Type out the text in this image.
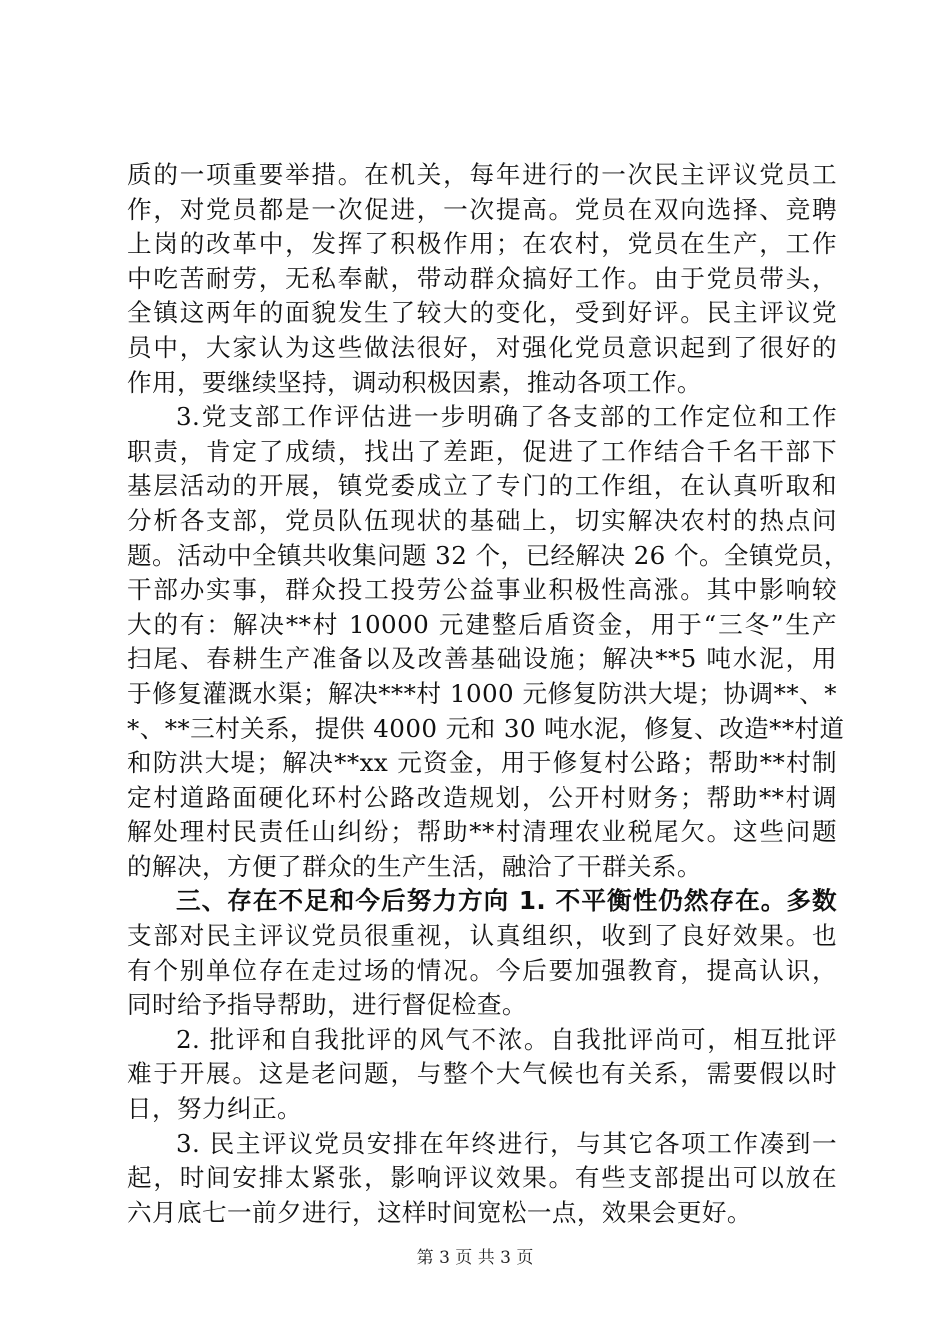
质的一项重要举措。在机关，每年进行的一次民主评议党员工
作，对党员都是一次促进，一次提高。党员在双向选择、竞聘
上岗的改革中，发挥了积极作用；在农村，党员在生产，工作
中吃苦耐劳，无私奉献，带动群众搞好工作。由于党员带头，
全镇这两年的面貌发生了较大的变化，受到好评。民主评议党
员中，大家认为这些做法很好，对强化党员意识起到了很好的
作用，要继续坚持，调动积极因素，推动各项工作。
3.党支部工作评估进一步明确了各支部的工作定位和工作
职责，肯定了成绩，找出了差距，促进了工作结合千名干部下
基层活动的开展，镇党委成立了专门的工作组，在认真听取和
分析各支部，党员队伍现状的基础上，切实解决农村的热点问
题。活动中全镇共收集问题 32 个，已经解决 26 个。全镇党员，
干部办实事，群众投工投劳公益事业积极性高涨。其中影响较
大的有：解决**村 10000 元建整后盾资金，用于“三冬”生产
扫尾、春耕生产准备以及改善基础设施；解决**5 吨水泥，用
于修复灌溉水渠；解决***村 1000 元修复防洪大堤；协调**、*
*、**三村关系，提供 4000 元和 30 吨水泥，修复、改造**村道
和防洪大堤；解决**xx 元资金，用于修复村公路；帮助**村制
定村道路面硬化环村公路改造规划，公开村财务；帮助**村调
解处理村民责任山纠纷；帮助**村清理农业税尾欠。这些问题
的解决，方便了群众的生产生活，融洽了干群关系。
三、存在不足和今后努力方向 1. 不平衡性仍然存在。多数
支部对民主评议党员很重视，认真组织，收到了良好效果。也
有个别单位存在走过场的情况。今后要加强教育，提高认识，
同时给予指导帮助，进行督促检查。
2. 批评和自我批评的风气不浓。自我批评尚可，相互批评
难于开展。这是老问题，与整个大气候也有关系，需要假以时
日，努力纠正。
3. 民主评议党员安排在年终进行，与其它各项工作凑到一
起，时间安排太紧张，影响评议效果。有些支部提出可以放在
六月底七一前夕进行，这样时间宽松一点，效果会更好。
第 3 页 共 3 页
